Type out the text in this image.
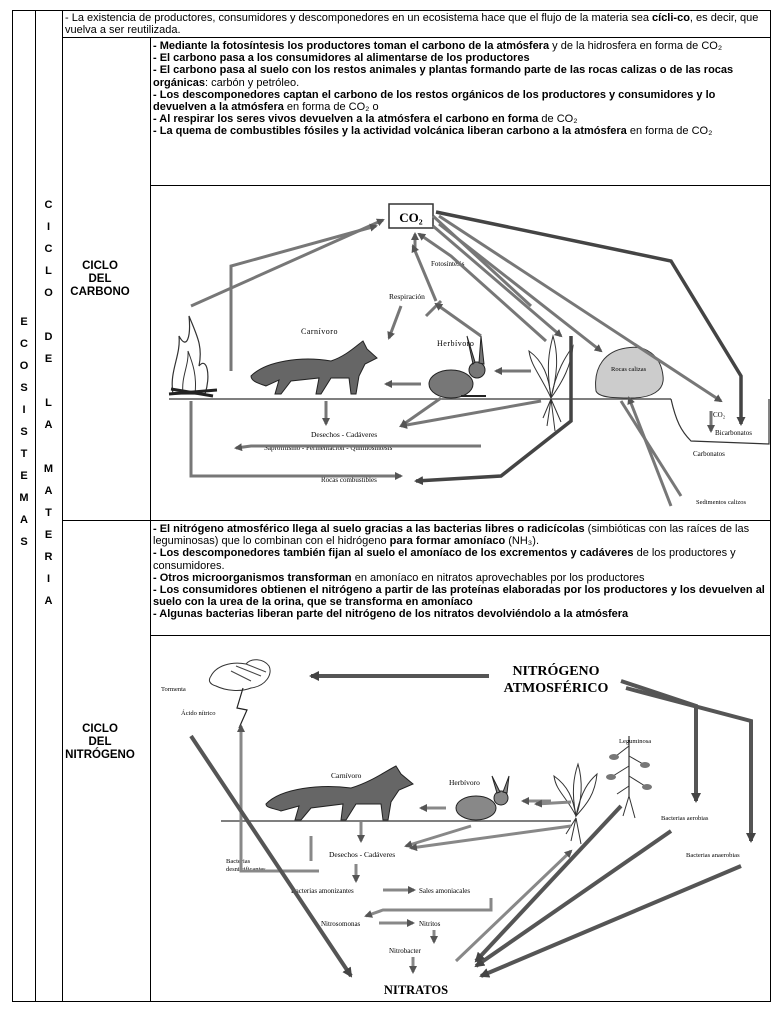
E
C
O
S
I
S
T
E
M
A
S
C
I
C
L
O

D
E

L
A

M
A
T
E
R
I
A

- La existencia de productores, consumidores y descomponedores en un ecosistema hace que el flujo de la materia sea cícli-co, es decir, que vuelva a ser reutilizada.

CICLO
DEL
CARBONO

- Mediante la fotosíntesis los productores toman el carbono de la atmósfera y de la hidrosfera en forma de CO₂

- El carbono pasa a los consumidores al alimentarse de los productores

- El carbono pasa al suelo con los restos animales y plantas formando parte de las rocas calizas o de las rocas orgánicas: carbón y petróleo.

- Los descomponedores captan el carbono de los restos orgánicos de los productores y consumidores y lo devuelven a la atmósfera en forma de CO₂ o

- Al respirar los seres vivos devuelven a la atmósfera el carbono en forma de CO₂

- La quema de combustibles fósiles y la actividad volcánica liberan carbono a la atmósfera en forma de CO₂

CO₂
Carnívoro
Herbívoro
Rocas calizas
CO₂
Bicarbonatos
Carbonatos
Sedimentos calizos
Fotosíntesis
Respiración
Desechos - Cadáveres
Saprofitismo - Fermentación - Quimiosíntesis
Rocas combustibles
CICLO
DEL
NITRÓGENO

- El nitrógeno atmosférico llega al suelo gracias a las bacterias libres o radicícolas (simbióticas con las raíces de las leguminosas) que lo combinan con el hidrógeno para formar amoníaco (NH₃).

- Los descomponedores también fijan al suelo el amoníaco de los excrementos y cadáveres de los productores y consumidores.

- Otros microorganismos transforman en amoníaco en nitratos aprovechables por los productores

- Los consumidores obtienen el nitrógeno a partir de las proteínas elaboradas por los productores y los devuelven al suelo con la urea de la orina, que se transforma en amoníaco

- Algunas bacterias liberan parte del nitrógeno de los nitratos devolviéndolo a la atmósfera

NITRÓGENO
ATMOSFÉRICO
Tormenta
Ácido nítrico
Carnívoro
Herbívoro
Leguminosa
Bacterias aerobias
Bacterias anaerobias
Bacterias
desnitrificantes
Desechos - Cadáveres
Bacterias amonizantes	Sales amoniacales
Nitrosomonas	Nitritos
Nitrobacter
NITRATOS
